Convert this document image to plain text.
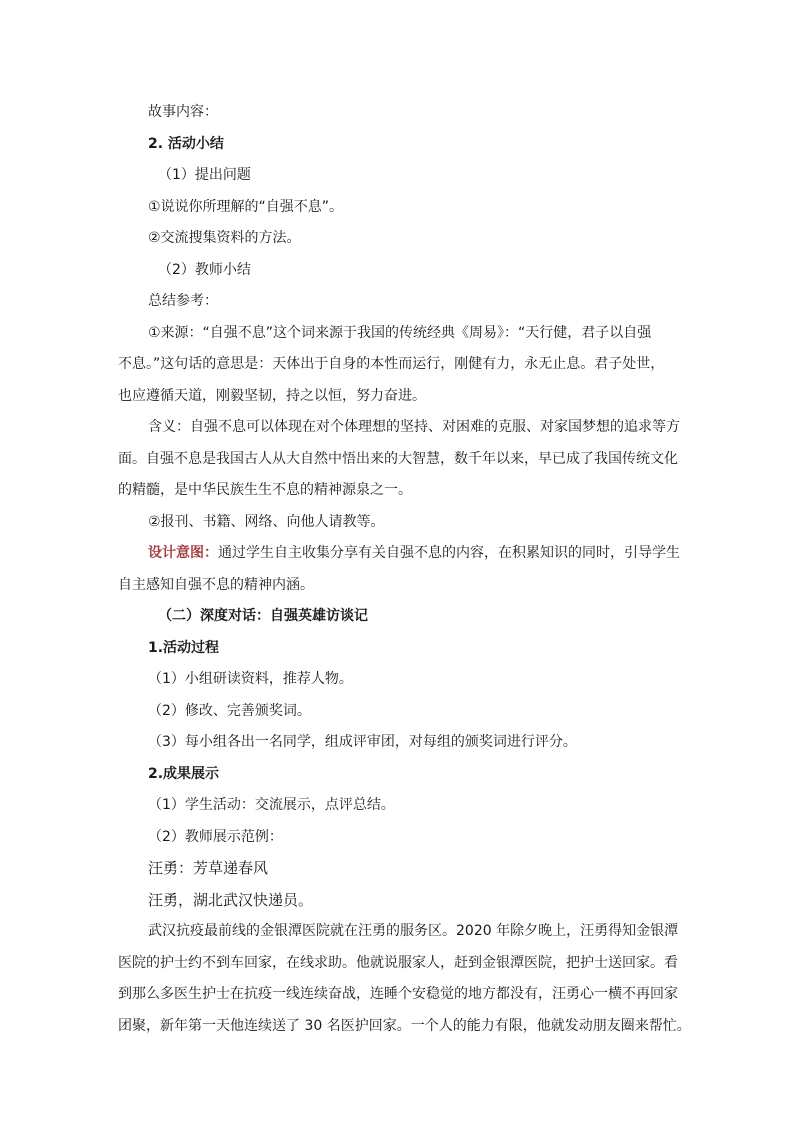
故事内容：
2. 活动小结
（1）提出问题
①说说你所理解的“自强不息”。
②交流搜集资料的方法。
（2）教师小结
总结参考：
①来源：“自强不息”这个词来源于我国的传统经典《周易》：“天行健，君子以自强
不息。”这句话的意思是：天体出于自身的本性而运行，刚健有力，永无止息。君子处世，
也应遵循天道，刚毅坚韧，持之以恒，努力奋进。
含义：自强不息可以体现在对个体理想的坚持、对困难的克服、对家国梦想的追求等方
面。自强不息是我国古人从大自然中悟出来的大智慧，数千年以来，早已成了我国传统文化
的精髓，是中华民族生生不息的精神源泉之一。
②报刊、书籍、网络、向他人请教等。
设计意图：通过学生自主收集分享有关自强不息的内容，在积累知识的同时，引导学生
自主感知自强不息的精神内涵。
（二）深度对话：自强英雄访谈记
1.活动过程
（1）小组研读资料，推荐人物。
（2）修改、完善颁奖词。
（3）每小组各出一名同学，组成评审团，对每组的颁奖词进行评分。
2.成果展示
（1）学生活动：交流展示，点评总结。
（2）教师展示范例：
汪勇：芳草递春风
汪勇，湖北武汉快递员。
武汉抗疫最前线的金银潭医院就在汪勇的服务区。2020 年除夕晚上，汪勇得知金银潭
医院的护士约不到车回家，在线求助。他就说服家人，赶到金银潭医院，把护士送回家。看
到那么多医生护士在抗疫一线连续奋战，连睡个安稳觉的地方都没有，汪勇心一横不再回家
团聚，新年第一天他连续送了 30 名医护回家。一个人的能力有限，他就发动朋友圈来帮忙。
